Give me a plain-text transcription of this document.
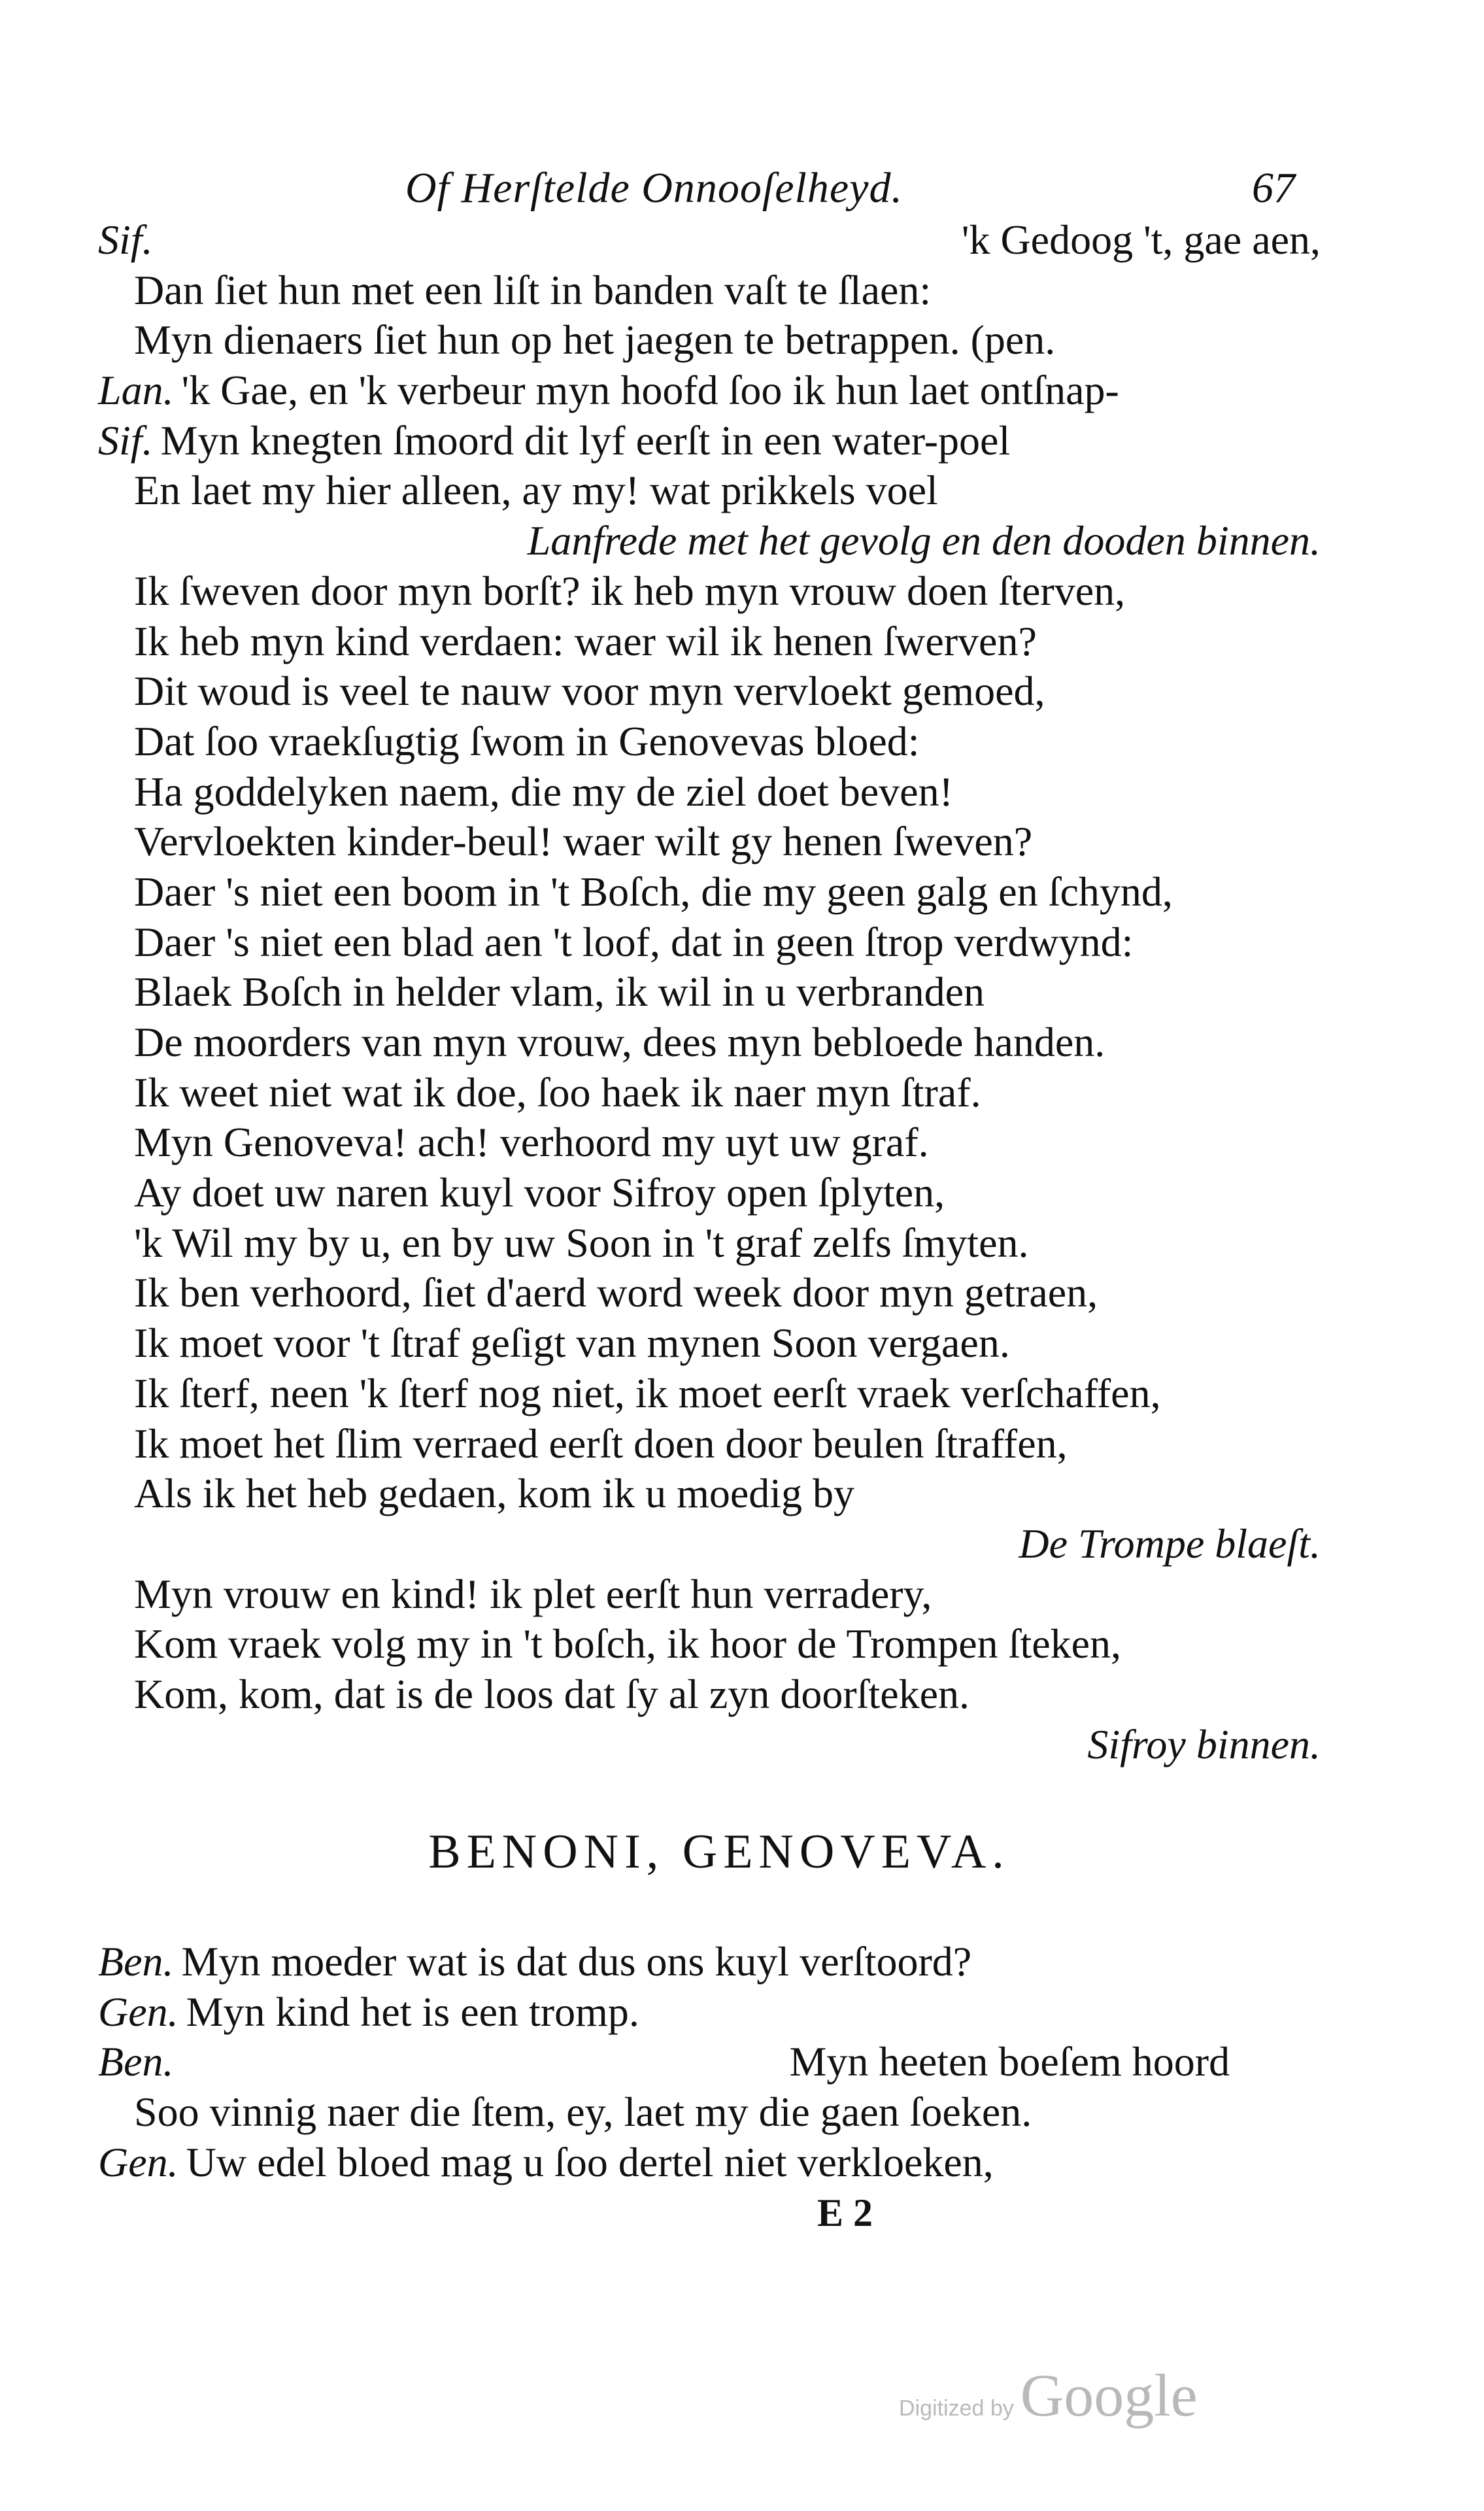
Of Herſtelde Onnooſelheyd.	67
Sif.	'k Gedoog 't, gae aen,
Dan ſiet hun met een liſt in banden vaſt te ſlaen:
Myn dienaers ſiet hun op het jaegen te betrappen. (pen.
Lan. 'k Gae, en 'k verbeur myn hoofd ſoo ik hun laet ontſnap-
Sif. Myn knegten ſmoord dit lyf eerſt in een water-poel
En laet my hier alleen, ay my! wat prikkels voel
Lanfrede met het gevolg en den dooden binnen.
Ik ſweven door myn borſt? ik heb myn vrouw doen ſterven,
Ik heb myn kind verdaen: waer wil ik henen ſwerven?
Dit woud is veel te nauw voor myn vervloekt gemoed,
Dat ſoo vraekſugtig ſwom in Genovevas bloed:
Ha goddelyken naem, die my de ziel doet beven!
Vervloekten kinder-beul! waer wilt gy henen ſweven?
Daer 's niet een boom in 't Boſch, die my geen galg en ſchynd,
Daer 's niet een blad aen 't loof, dat in geen ſtrop verdwynd:
Blaek Boſch in helder vlam, ik wil in u verbranden
De moorders van myn vrouw, dees myn bebloede handen.
Ik weet niet wat ik doe, ſoo haek ik naer myn ſtraf.
Myn Genoveva! ach! verhoord my uyt uw graf.
Ay doet uw naren kuyl voor Sifroy open ſplyten,
'k Wil my by u, en by uw Soon in 't graf zelfs ſmyten.
Ik ben verhoord, ſiet d'aerd word week door myn getraen,
Ik moet voor 't ſtraf geſigt van mynen Soon vergaen.
Ik ſterf, neen 'k ſterf nog niet, ik moet eerſt vraek verſchaffen,
Ik moet het ſlim verraed eerſt doen door beulen ſtraffen,
Als ik het heb gedaen, kom ik u moedig by
De Trompe blaeſt.
Myn vrouw en kind! ik plet eerſt hun verradery,
Kom vraek volg my in 't boſch, ik hoor de Trompen ſteken,
Kom, kom, dat is de loos dat ſy al zyn doorſteken.
Sifroy binnen.
BENONI, GENOVEVA.
Ben. Myn moeder wat is dat dus ons kuyl verſtoord?
Gen. Myn kind het is een tromp.
Ben.	Myn heeten boeſem hoord
Soo vinnig naer die ſtem, ey, laet my die gaen ſoeken.
Gen. Uw edel bloed mag u ſoo dertel niet verkloeken,
E 2
Digitized by Google
